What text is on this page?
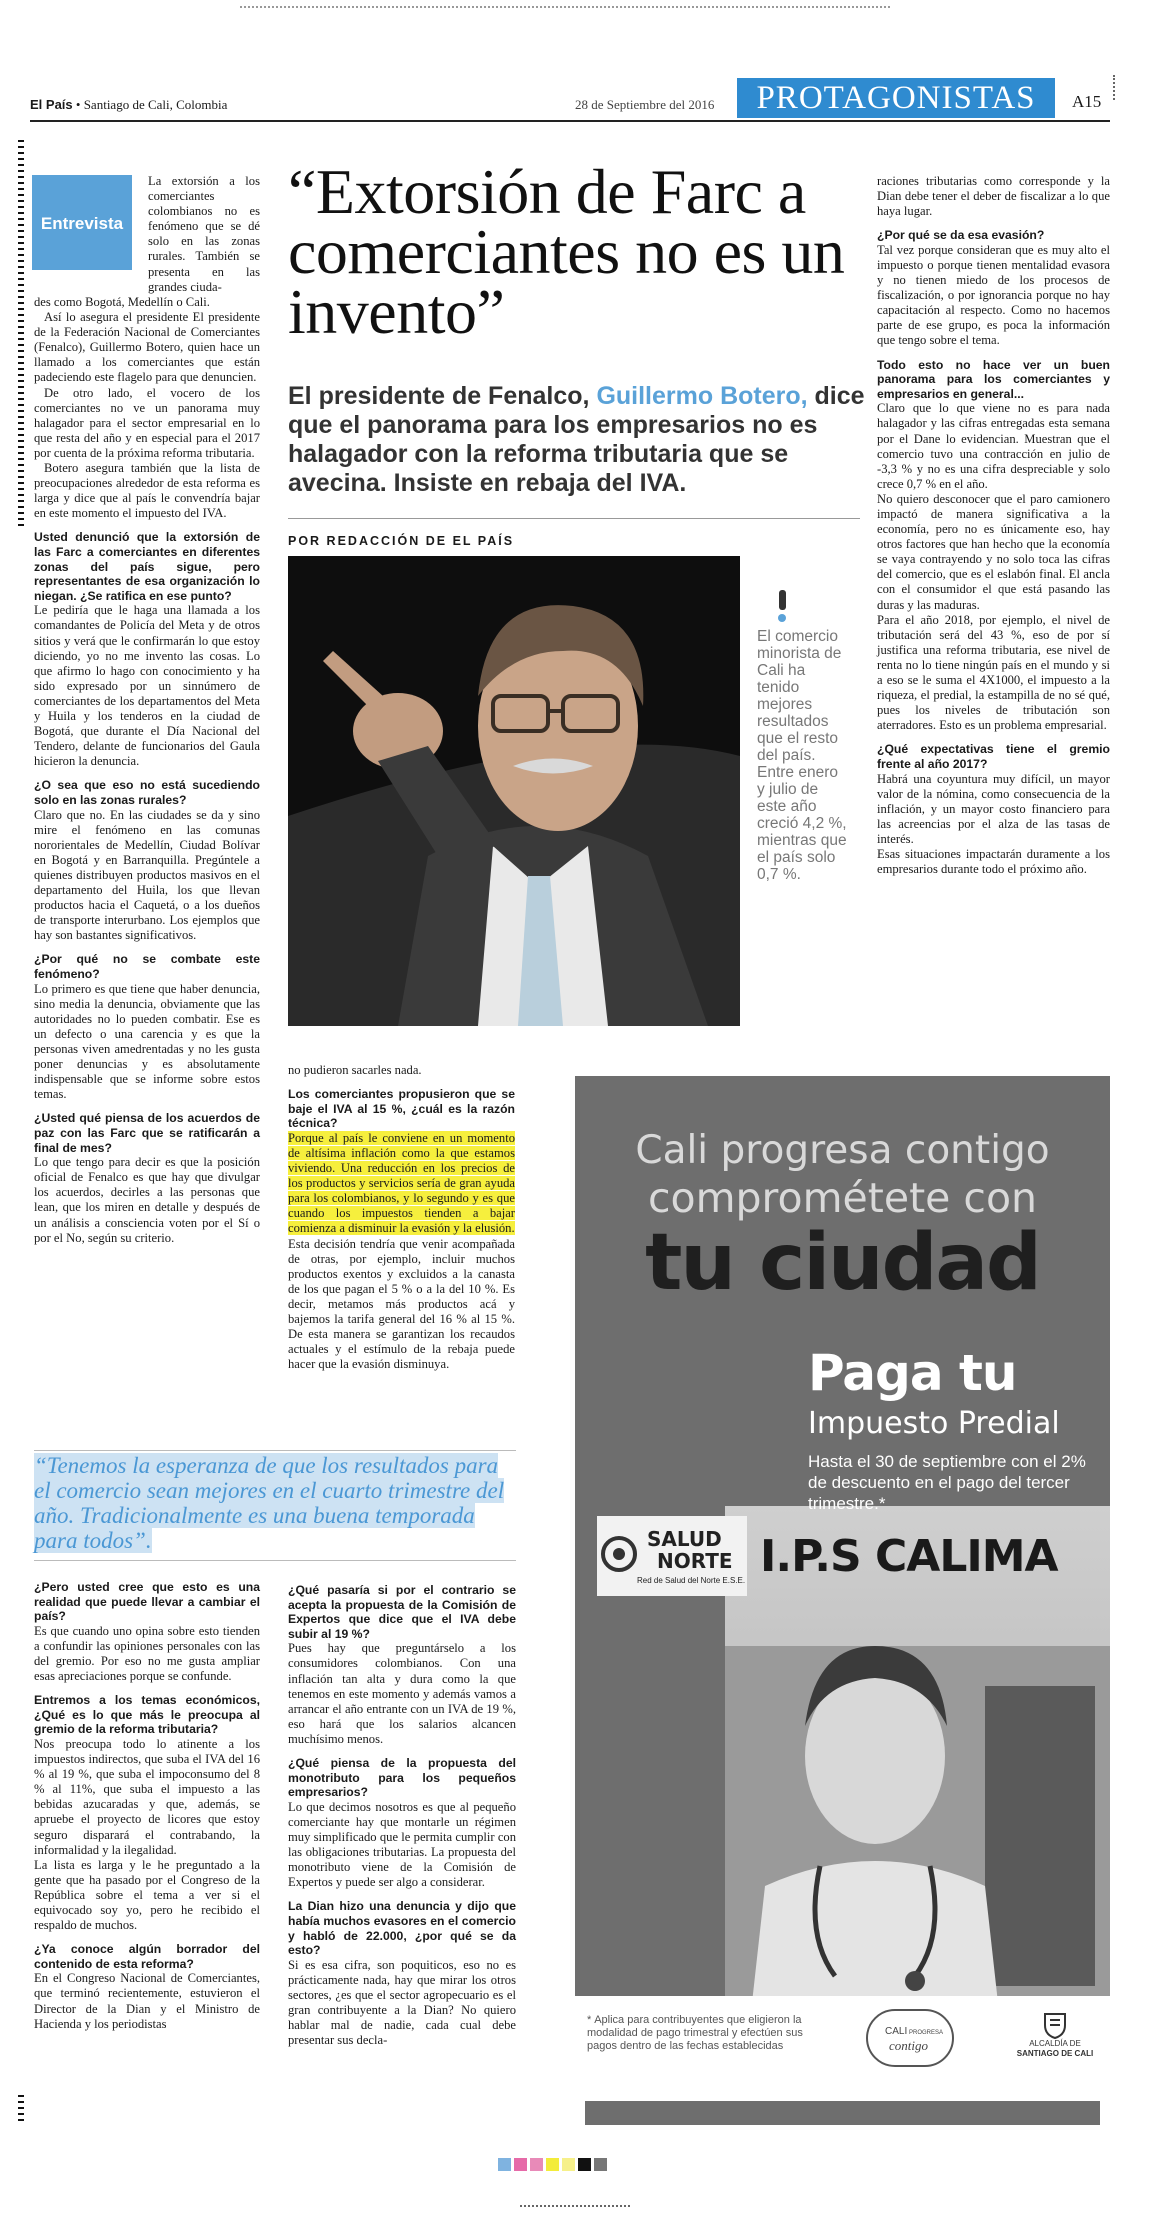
El País • Santiago de Cali, Colombia	28 de Septiembre del 2016	PROTAGONISTAS	A15
Entrevista

La extorsión a los comerciantes colombianos no es fenómeno que se dé solo en las zonas rurales. También se presenta en las grandes ciuda-

des como Bogotá, Medellín o Cali.

Así lo asegura el presidente El presidente de la Federación Nacional de Comerciantes (Fenalco), Guillermo Botero, quien hace un llamado a los comerciantes que están padeciendo este flagelo para que denuncien.

De otro lado, el vocero de los comerciantes no ve un panorama muy halagador para el sector empresarial en lo que resta del año y en especial para el 2017 por cuenta de la próxima reforma tributaria.

Botero asegura también que la lista de preocupaciones alrededor de esta reforma es larga y dice que al país le convendría bajar en este momento el impuesto del IVA.

Usted denunció que la extorsión de las Farc a comerciantes en diferentes zonas del país sigue, pero representantes de esa organización lo niegan. ¿Se ratifica en ese punto?

Le pediría que le haga una llamada a los comandantes de Policía del Meta y de otros sitios y verá que le confirmarán lo que estoy diciendo, yo no me invento las cosas. Lo que afirmo lo hago con conocimiento y ha sido expresado por un sinnúmero de comerciantes de los departamentos del Meta y Huila y los tenderos en la ciudad de Bogotá, que durante el Día Nacional del Tendero, delante de funcionarios del Gaula hicieron la denuncia.

¿O sea que eso no está sucediendo solo en las zonas rurales?

Claro que no. En las ciudades se da y sino mire el fenómeno en las comunas nororientales de Medellín, Ciudad Bolívar en Bogotá y en Barranquilla. Pregúntele a quienes distribuyen productos masivos en el departamento del Huila, los que llevan productos hacia el Caquetá, o a los dueños de transporte interurbano. Los ejemplos que hay son bastantes significativos.

¿Por qué no se combate este fenómeno?

Lo primero es que tiene que haber denuncia, sino media la denuncia, obviamente que las autoridades no lo pueden combatir. Ese es un defecto o una carencia y es que la personas viven amedrentadas y no les gusta poner denuncias y es absolutamente indispensable que se informe sobre estos temas.

¿Usted qué piensa de los acuerdos de paz con las Farc que se ratificarán a final de mes?

Lo que tengo para decir es que la posición oficial de Fenalco es que hay que divulgar los acuerdos, decirles a las personas que lean, que los miren en detalle y después de un análisis a consciencia voten por el Sí o por el No, según su criterio.

“Tenemos la esperanza de que los resultados para el comercio sean mejores en el cuarto trimestre del año. Tradicionalmente es una buena temporada para todos”.

¿Pero usted cree que esto es una realidad que puede llevar a cambiar el país?

Es que cuando uno opina sobre esto tienden a confundir las opiniones personales con las del gremio. Por eso no me gusta ampliar esas apreciaciones porque se confunde.

Entremos a los temas económicos, ¿Qué es lo que más le preocupa al gremio de la reforma tributaria?

Nos preocupa todo lo atinente a los impuestos indirectos, que suba el IVA del 16 % al 19 %, que suba el impoconsumo del 8 % al 11%, que suba el impuesto a las bebidas azucaradas y que, además, se apruebe el proyecto de licores que estoy seguro disparará el contrabando, la informalidad y la ilegalidad.

La lista es larga y le he preguntado a la gente que ha pasado por el Congreso de la República sobre el tema a ver si el equivocado soy yo, pero he recibido el respaldo de muchos.

¿Ya conoce algún borrador del contenido de esta reforma?

En el Congreso Nacional de Comerciantes, que terminó recientemente, estuvieron el Director de la Dian y el Ministro de Hacienda y los periodistas

“Extorsión de Farc a comerciantes no es un invento”
El presidente de Fenalco, Guillermo Botero, dice que el panorama para los empresarios no es halagador con la reforma tributaria que se avecina. Insiste en rebaja del IVA.
POR REDACCIÓN DE EL PAÍS
El comercio minorista de Cali ha tenido mejores resultados que el resto del país. Entre enero y julio de este año creció 4,2 %, mientras que el país solo 0,7 %.

raciones tributarias como corresponde y la Dian debe tener el deber de fiscalizar a lo que haya lugar.

¿Por qué se da esa evasión?

Tal vez porque consideran que es muy alto el impuesto o porque tienen mentalidad evasora y no tienen miedo de los procesos de fiscalización, o por ignorancia porque no hay capacitación al respecto. Como no hacemos parte de ese grupo, es poca la información que tengo sobre el tema.

Todo esto no hace ver un buen panorama para los comerciantes y empresarios en general...

Claro que lo que viene no es para nada halagador y las cifras entregadas esta semana por el Dane lo evidencian. Muestran que el comercio tuvo una contracción en julio de -3,3 % y no es una cifra despreciable y solo crece 0,7 % en el año.

No quiero desconocer que el paro camionero impactó de manera significativa a la economía, pero no es únicamente eso, hay otros factores que han hecho que la economía se vaya contrayendo y no solo toca las cifras del comercio, que es el eslabón final. El ancla con el consumidor el que está pasando las duras y las maduras.

Para el año 2018, por ejemplo, el nivel de tributación será del 43 %, eso de por sí justifica una reforma tributaria, ese nivel de renta no lo tiene ningún país en el mundo y si a eso se le suma el 4X1000, el impuesto a la riqueza, el predial, la estampilla de no sé qué, pues los niveles de tributación son aterradores. Esto es un problema empresarial.

¿Qué expectativas tiene el gremio frente al año 2017?

Habrá una coyuntura muy difícil, un mayor valor de la nómina, como consecuencia de la inflación, y un mayor costo financiero para las acreencias por el alza de las tasas de interés.

Esas situaciones impactarán duramente a los empresarios durante todo el próximo año.

no pudieron sacarles nada.

Los comerciantes propusieron que se baje el IVA al 15 %, ¿cuál es la razón técnica?

Porque al país le conviene en un momento de altísima inflación como la que estamos viviendo. Una reducción en los precios de los productos y servicios sería de gran ayuda para los colombianos, y lo segundo y es que cuando los impuestos tienden a bajar comienza a disminuir la evasión y la elusión.

Esta decisión tendría que venir acompañada de otras, por ejemplo, incluir muchos productos exentos y excluidos a la canasta de los que pagan el 5 % o a la del 10 %. Es decir, metamos más productos acá y bajemos la tarifa general del 16 % al 15 %. De esta manera se garantizan los recaudos actuales y el estímulo de la rebaja puede hacer que la evasión disminuya.

¿Qué pasaría si por el contrario se acepta la propuesta de la Comisión de Expertos que dice que el IVA debe subir al 19 %?

Pues hay que preguntárselo a los consumidores colombianos. Con una inflación tan alta y dura como la que tenemos en este momento y además vamos a arrancar el año entrante con un IVA de 19 %, eso hará que los salarios alcancen muchísimo menos.

¿Qué piensa de la propuesta del monotributo para los pequeños empresarios?

Lo que decimos nosotros es que al pequeño comerciante hay que montarle un régimen muy simplificado que le permita cumplir con las obligaciones tributarias. La propuesta del monotributo viene de la Comisión de Expertos y puede ser algo a considerar.

La Dian hizo una denuncia y dijo que había muchos evasores en el comercio y habló de 22.000, ¿por qué se da esto?

Si es esa cifra, son poquiticos, eso no es prácticamente nada, hay que mirar los otros sectores, ¿es que el sector agropecuario es el gran contribuyente a la Dian? No quiero hablar mal de nadie, cada cual debe presentar sus decla-

Cali progresa contigo
comprométete con
tu ciudad
Paga tu
Impuesto Predial
Hasta el 30 de septiembre con el 2% de descuento en el pago del tercer trimestre.*
SALUD
NORTE
Red de Salud del Norte E.S.E. I.P.S CALIMA
* Aplica para contribuyentes que eligieron la modalidad de pago trimestral y efectúen sus pagos dentro de las fechas establecidas
CALI PROGRESA
contigo	ALCALDÍA DE
SANTIAGO DE CALI
